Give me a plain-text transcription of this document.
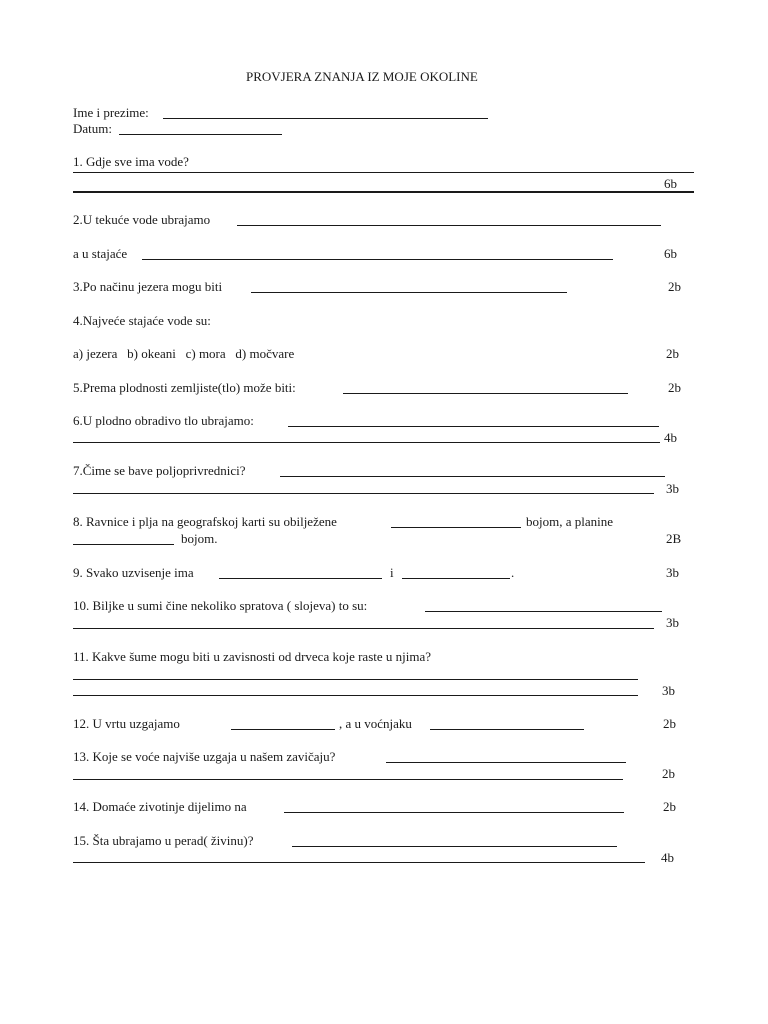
PROVJERA ZNANJA IZ MOJE OKOLINE
Ime i prezime:
Datum:
1. Gdje sve ima vode?
6b
2.U tekuće vode ubrajamo
a u stajaće	6b
3.Po načinu jezera mogu biti	2b
4.Najveće stajaće vode su:
a) jezera   b) okeani   c) mora   d) močvare	2b
5.Prema plodnosti zemljiste(tlo) može biti:	2b
6.U plodno obradivo tlo ubrajamo:
4b
7.Čime se bave poljoprivrednici?
3b
8. Ravnice i plja na geografskoj karti su obilježene	bojom, a planine
bojom.	2B
9. Svako uzvisenje ima	i	.	3b
10. Biljke u sumi čine nekoliko spratova ( slojeva) to su:
3b
11. Kakve šume mogu biti u zavisnosti od drveca koje raste u njima?
3b
12. U vrtu uzgajamo	, a u voćnjaku	2b
13. Koje se voće najviše uzgaja u našem zavičaju?
2b
14. Domaće zivotinje dijelimo na	2b
15. Šta ubrajamo u perad( živinu)?
4b
